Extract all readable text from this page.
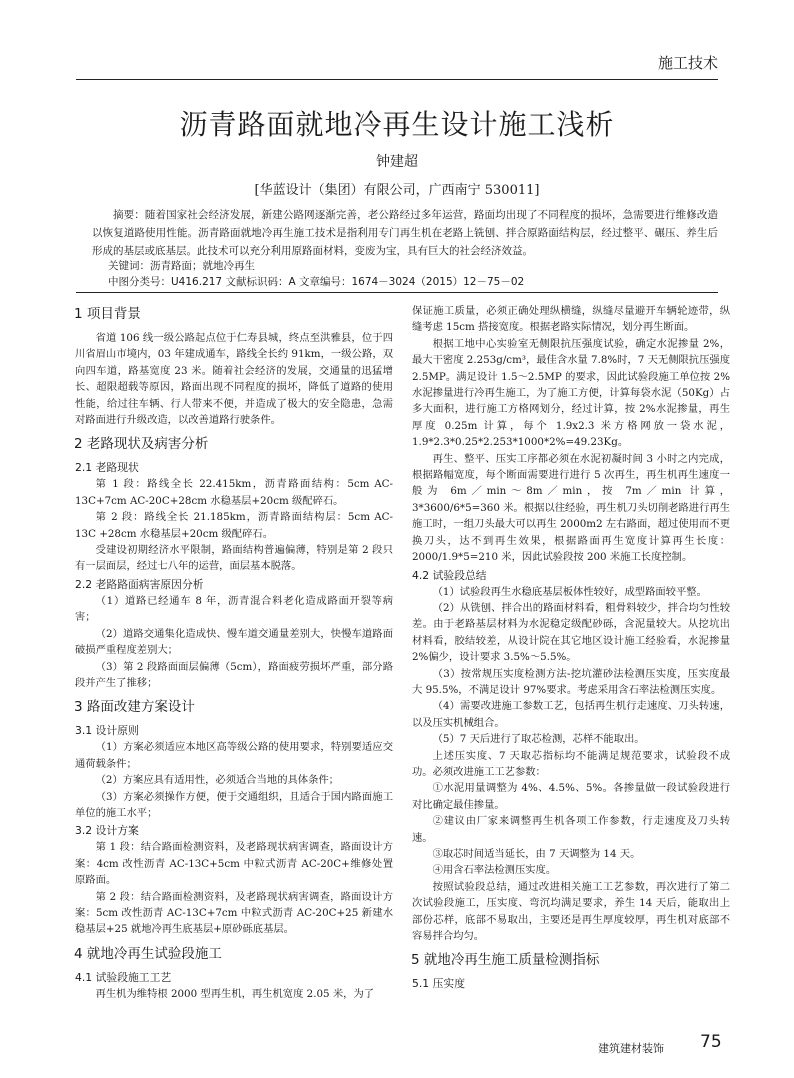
施工技术
沥青路面就地冷再生设计施工浅析
钟建超
[华蓝设计（集团）有限公司，广西南宁 530011]
摘要：随着国家社会经济发展，新建公路网逐渐完善，老公路经过多年运营，路面均出现了不同程度的损坏，急需要进行维修改造以恢复道路使用性能。沥青路面就地冷再生施工技术是指利用专门再生机在老路上铣刨、拌合原路面结构层，经过整平、碾压、养生后形成的基层或底基层。此技术可以充分利用原路面材料，变废为宝，具有巨大的社会经济效益。
关键词：沥青路面；就地冷再生
中图分类号：U416.217 文献标识码：A 文章编号：1674－3024（2015）12－75－02
1 项目背景

省道 106 线一级公路起点位于仁寿县城，终点至洪雅县，位于四川省眉山市境内，03 年建成通车，路线全长约 91km，一级公路，双向四车道，路基宽度 23 米。随着社会经济的发展，交通量的迅猛增长、超限超载等原因，路面出现不同程度的损坏，降低了道路的使用性能，给过往车辆、行人带来不便，并造成了极大的安全隐患，急需对路面进行升级改造，以改善道路行驶条件。

2 老路现状及病害分析
2.1 老路现状

第 1 段：路线全长 22.415km，沥青路面结构：5cm AC-13C+7cm AC-20C+28cm 水稳基层+20cm 级配碎石。

第 2 段：路线全长 21.185km，沥青路面结构层：5cm AC-13C +28cm 水稳基层+20cm 级配碎石。

受建设初期经济水平限制，路面结构普遍偏薄，特别是第 2 段只有一层面层，经过七八年的运营，面层基本脱落。

2.2 老路路面病害原因分析

（1）道路已经通车 8 年，沥青混合料老化造成路面开裂等病害；

（2）道路交通集化造成快、慢车道交通量差别大，快慢车道路面破损严重程度差别大；

（3）第 2 段路面面层偏薄（5cm），路面疲劳损坏严重，部分路段并产生了推移；

3 路面改建方案设计
3.1 设计原则

（1）方案必须适应本地区高等级公路的使用要求，特别要适应交通荷载条件；

（2）方案应具有适用性，必须适合当地的具体条件；

（3）方案必须操作方便，便于交通组织，且适合于国内路面施工单位的施工水平；

3.2 设计方案

第 1 段：结合路面检测资料，及老路现状病害调查，路面设计方案：4cm 改性沥青 AC-13C+5cm 中粒式沥青 AC-20C+维修处置原路面。

第 2 段：结合路面检测资料，及老路现状病害调查，路面设计方案：5cm 改性沥青 AC-13C+7cm 中粒式沥青 AC-20C+25 新建水稳基层+25 就地冷再生底基层+原砂砾底基层。

4 就地冷再生试验段施工
4.1 试验段施工工艺

再生机为维特根 2000 型再生机，再生机宽度 2.05 米，为了

保证施工质量，必须正确处理纵横缝，纵缝尽量避开车辆轮迹带，纵缝考虑 15cm 搭接宽度。根据老路实际情况，划分再生断面。

根据工地中心实验室无侧限抗压强度试验，确定水泥掺量 2%，最大干密度 2.253g/cm³，最佳含水量 7.8%时，7 天无侧限抗压强度 2.5MP。满足设计 1.5～2.5MP 的要求，因此试验段施工单位按 2%水泥掺量进行冷再生施工，为了施工方便，计算每袋水泥（50Kg）占多大面积，进行施工方格网划分，经过计算，按 2%水泥掺量，再生厚度 0.25m 计算，每个 1.9x2.3 米方格网放一袋水泥，1.9*2.3*0.25*2.253*1000*2%=49.23Kg。

再生、整平、压实工序都必须在水泥初凝时间 3 小时之内完成，根据路幅宽度，每个断面需要进行进行 5 次再生，再生机再生速度一般为 6m／min～8m／min，按 7m／min 计算，3*3600/6*5=360 米。根据以往经验，再生机刀头切削老路进行再生施工时，一组刀头最大可以再生 2000m2 左右路面，超过使用而不更换刀头，达不到再生效果，根据路面再生宽度计算再生长度：2000/1.9*5=210 米，因此试验段按 200 米施工长度控制。

4.2 试验段总结

（1）试验段再生水稳底基层板体性较好，成型路面较平整。

（2）从铣刨、拌合出的路面材料看，粗骨料较少，拌合均匀性较差。由于老路基层材料为水泥稳定级配砂砾，含泥量较大。从挖坑出材料看，胶结较差，从设计院在其它地区设计施工经验看，水泥掺量 2%偏少，设计要求 3.5%～5.5%。

（3）按常规压实度检测方法-挖坑灌砂法检测压实度，压实度最大 95.5%，不满足设计 97%要求。考虑采用含石率法检测压实度。

（4）需要改进施工参数工艺，包括再生机行走速度、刀头转速，以及压实机械组合。

（5）7 天后进行了取芯检测，芯样不能取出。

上述压实度、7 天取芯指标均不能满足规范要求，试验段不成功。必须改进施工工艺参数：

①水泥用量调整为 4%、4.5%、5%。各掺量做一段试验段进行对比确定最佳掺量。

②建议由厂家来调整再生机各项工作参数，行走速度及刀头转速。

③取芯时间适当延长，由 7 天调整为 14 天。

④用含石率法检测压实度。

按照试验段总结，通过改进相关施工工艺参数，再次进行了第二次试验段施工，压实度、弯沉均满足要求，养生 14 天后，能取出上部份芯样，底部不易取出，主要还是再生厚度较厚，再生机对底部不容易拌合均匀。

5 就地冷再生施工质量检测指标
5.1 压实度
建筑建材装饰 75
